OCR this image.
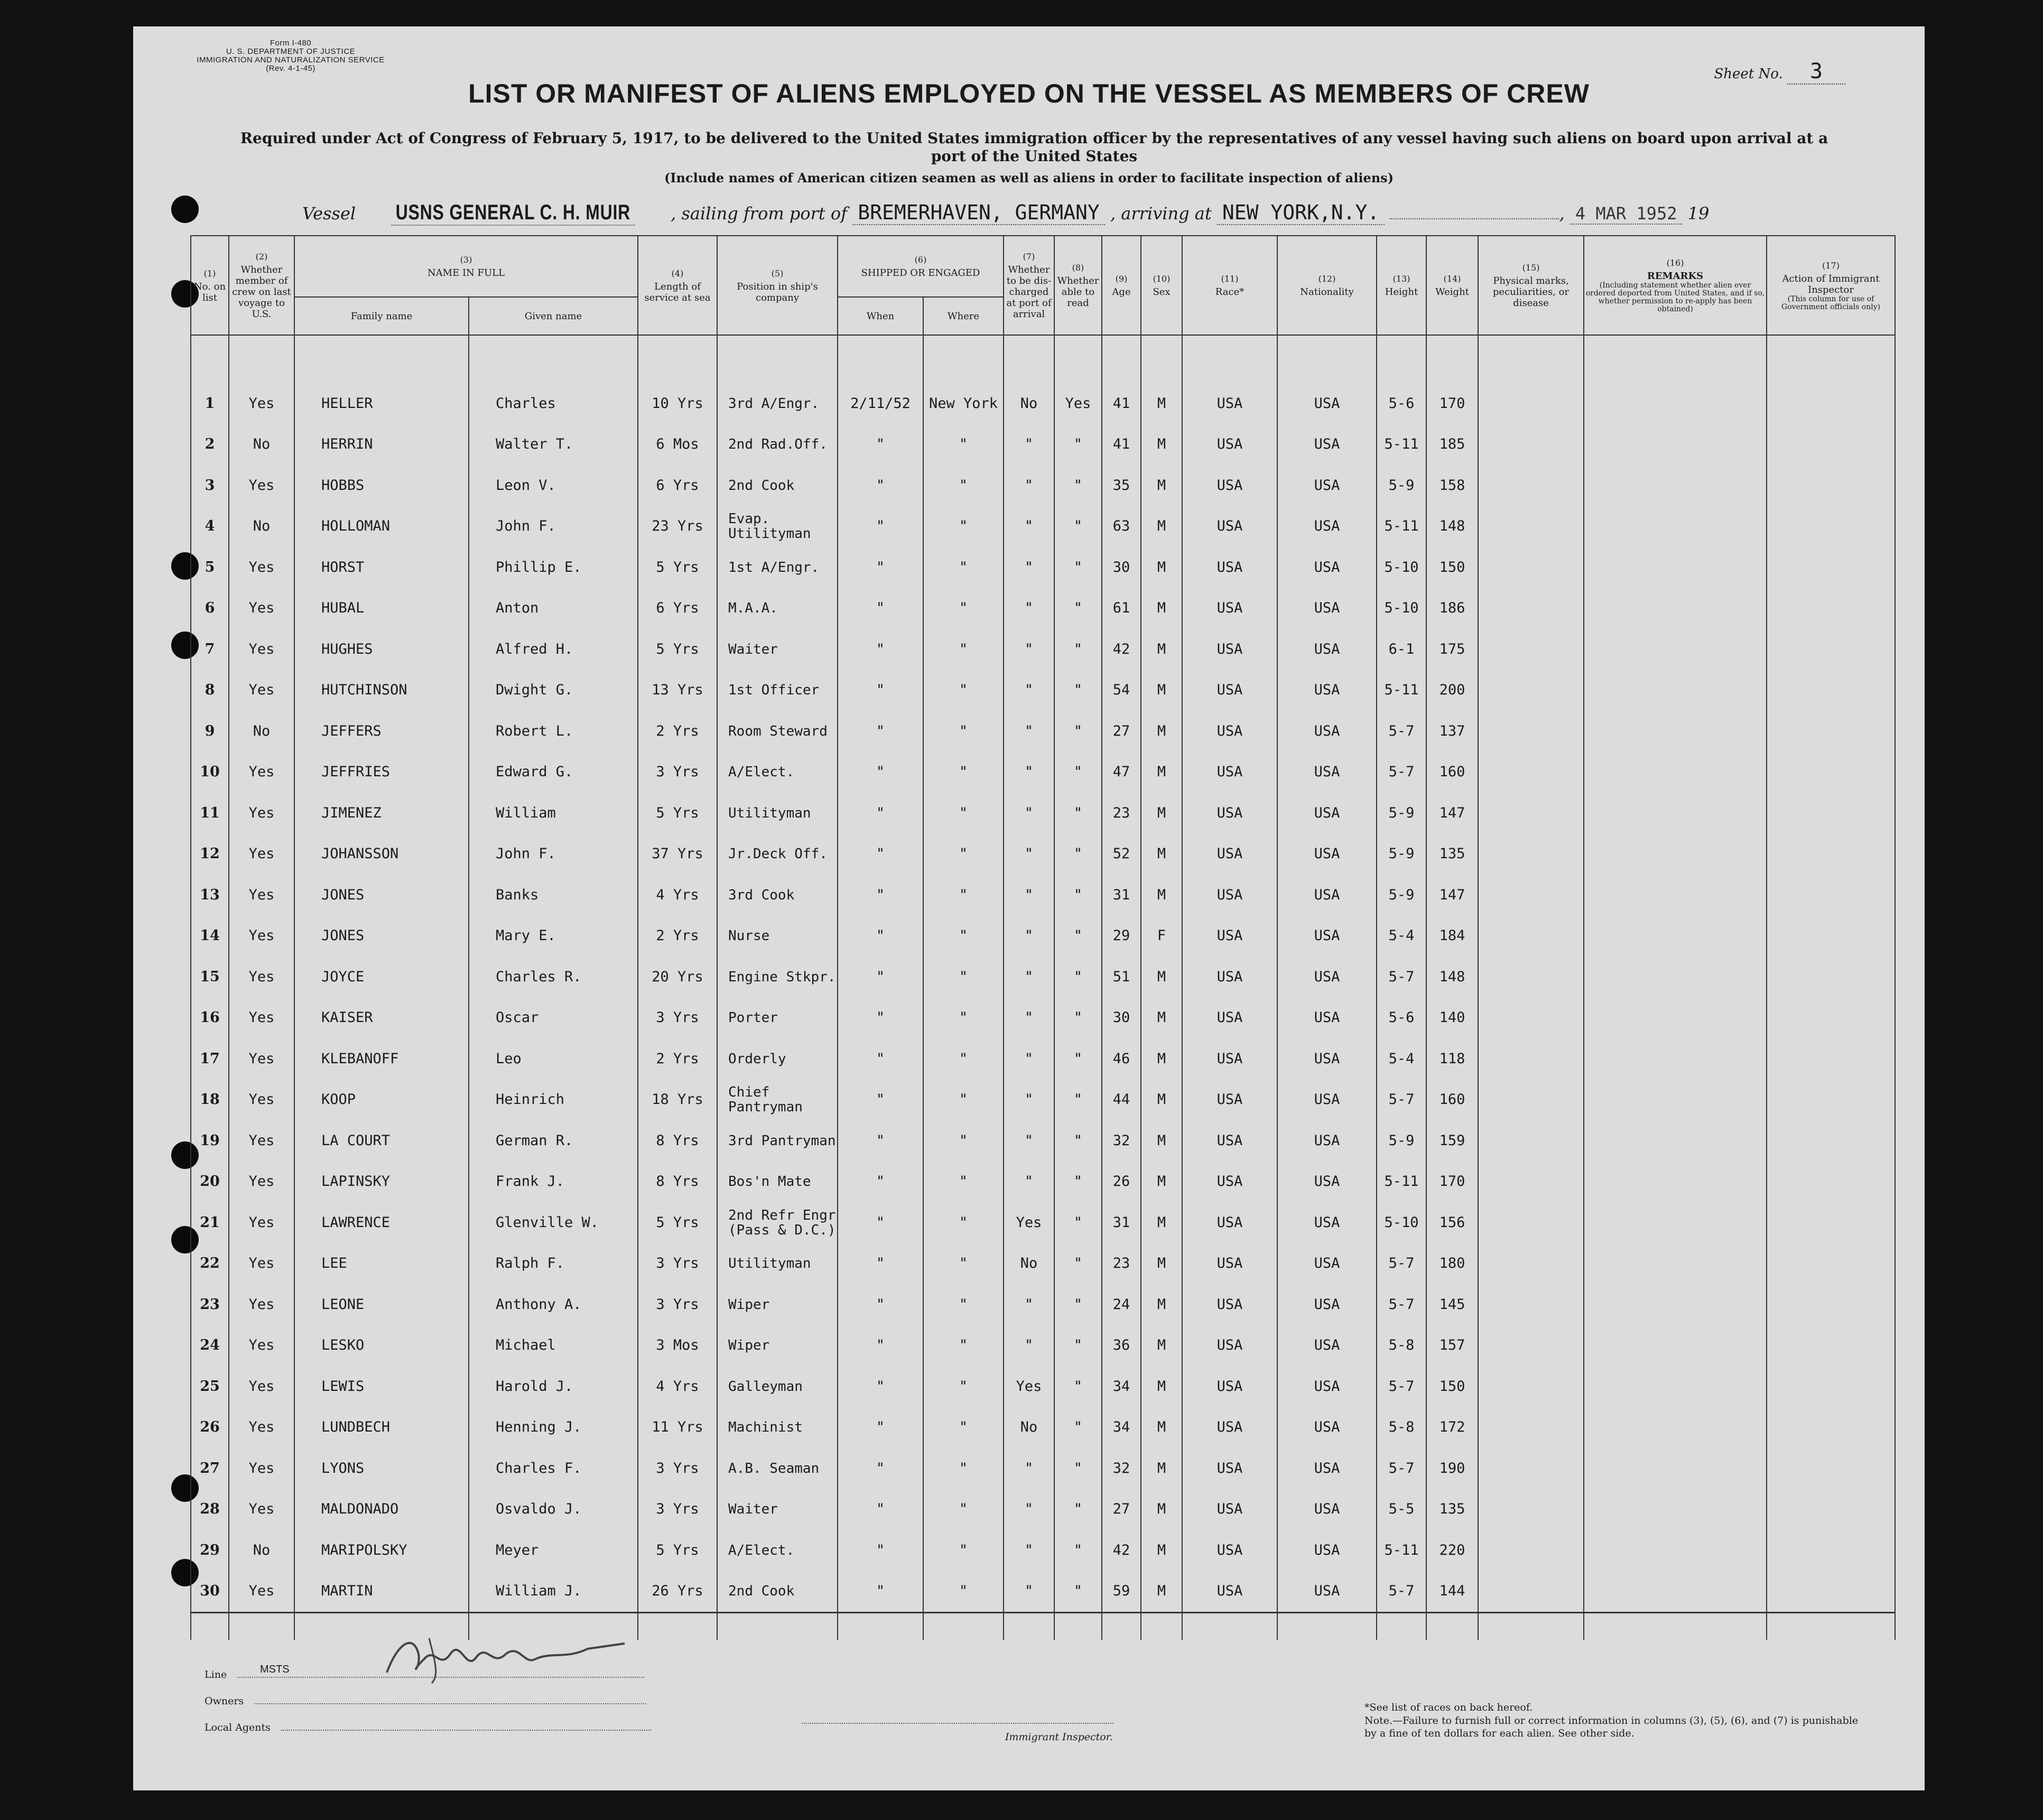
Form I-480
U. S. DEPARTMENT OF JUSTICE
IMMIGRATION AND NATURALIZATION SERVICE
(Rev. 4-1-45)	Sheet No. 3
LIST OR MANIFEST OF ALIENS EMPLOYED ON THE VESSEL AS MEMBERS OF CREW
Required under Act of Congress of February 5, 1917, to be delivered to the United States immigration officer by the representatives of any vessel having such aliens on board upon arrival at a port of the United States
(Include names of American citizen seamen as well as aliens in order to facilitate inspection of aliens)
Vessel USNS GENERAL C. H. MUIR , sailing from port of BREMERHAVEN, GERMANY , arriving at NEW YORK,N.Y.	, 4 MAR 1952 19
(1)
No. on list	(2)
Whether member of crew on last voyage to U.S.	(3)
NAME IN FULL		(4)
Length of service at sea	(5)
Position in ship's company	(6)
SHIPPED OR ENGAGED		(7)
Whether to be dis-charged at port of arrival	(8)
Whether able to read	(9)
Age	(10)
Sex	(11)
Race*	(12)
Nationality	(13)
Height	(14)
Weight	(15)
Physical marks, peculiarities, or disease	(16)
REMARKS

(Including statement whether alien ever ordered deported from United States, and if so, whether permission to re-apply has been obtained)	(17)
Action of Immigrant Inspector

(This column for use of Government officials only)

		Family name	Given name			When	Where											

1	Yes	HELLER	Charles	10 Yrs	3rd A/Engr.	2/11/52	New York	No	Yes	41	M	USA	USA	5-6	170			
2	No	HERRIN	Walter T.	6 Mos	2nd Rad.Off.	"	"	"	"	41	M	USA	USA	5-11	185			
3	Yes	HOBBS	Leon V.	6 Yrs	2nd Cook	"	"	"	"	35	M	USA	USA	5-9	158			
4	No	HOLLOMAN	John F.	23 Yrs	Evap. Utilityman	"	"	"	"	63	M	USA	USA	5-11	148			
5	Yes	HORST	Phillip E.	5 Yrs	1st A/Engr.	"	"	"	"	30	M	USA	USA	5-10	150			
6	Yes	HUBAL	Anton	6 Yrs	M.A.A.	"	"	"	"	61	M	USA	USA	5-10	186			
7	Yes	HUGHES	Alfred H.	5 Yrs	Waiter	"	"	"	"	42	M	USA	USA	6-1	175			
8	Yes	HUTCHINSON	Dwight G.	13 Yrs	1st Officer	"	"	"	"	54	M	USA	USA	5-11	200			
9	No	JEFFERS	Robert L.	2 Yrs	Room Steward	"	"	"	"	27	M	USA	USA	5-7	137			
10	Yes	JEFFRIES	Edward G.	3 Yrs	A/Elect.	"	"	"	"	47	M	USA	USA	5-7	160			
11	Yes	JIMENEZ	William	5 Yrs	Utilityman	"	"	"	"	23	M	USA	USA	5-9	147			
12	Yes	JOHANSSON	John F.	37 Yrs	Jr.Deck Off.	"	"	"	"	52	M	USA	USA	5-9	135			
13	Yes	JONES	Banks	4 Yrs	3rd Cook	"	"	"	"	31	M	USA	USA	5-9	147			
14	Yes	JONES	Mary E.	2 Yrs	Nurse	"	"	"	"	29	F	USA	USA	5-4	184			
15	Yes	JOYCE	Charles R.	20 Yrs	Engine Stkpr.	"	"	"	"	51	M	USA	USA	5-7	148			
16	Yes	KAISER	Oscar	3 Yrs	Porter	"	"	"	"	30	M	USA	USA	5-6	140			
17	Yes	KLEBANOFF	Leo	2 Yrs	Orderly	"	"	"	"	46	M	USA	USA	5-4	118			
18	Yes	KOOP	Heinrich	18 Yrs	Chief Pantryman	"	"	"	"	44	M	USA	USA	5-7	160			
19	Yes	LA COURT	German R.	8 Yrs	3rd Pantryman	"	"	"	"	32	M	USA	USA	5-9	159			
20	Yes	LAPINSKY	Frank J.	8 Yrs	Bos'n Mate	"	"	"	"	26	M	USA	USA	5-11	170			
21	Yes	LAWRENCE	Glenville W.	5 Yrs	2nd Refr Engr (Pass & D.C.)	"	"	Yes	"	31	M	USA	USA	5-10	156			
22	Yes	LEE	Ralph F.	3 Yrs	Utilityman	"	"	No	"	23	M	USA	USA	5-7	180			
23	Yes	LEONE	Anthony A.	3 Yrs	Wiper	"	"	"	"	24	M	USA	USA	5-7	145			
24	Yes	LESKO	Michael	3 Mos	Wiper	"	"	"	"	36	M	USA	USA	5-8	157			
25	Yes	LEWIS	Harold J.	4 Yrs	Galleyman	"	"	Yes	"	34	M	USA	USA	5-7	150			
26	Yes	LUNDBECH	Henning J.	11 Yrs	Machinist	"	"	No	"	34	M	USA	USA	5-8	172			
27	Yes	LYONS	Charles F.	3 Yrs	A.B. Seaman	"	"	"	"	32	M	USA	USA	5-7	190			
28	Yes	MALDONADO	Osvaldo J.	3 Yrs	Waiter	"	"	"	"	27	M	USA	USA	5-5	135			
29	No	MARIPOLSKY	Meyer	5 Yrs	A/Elect.	"	"	"	"	42	M	USA	USA	5-11	220			
30	Yes	MARTIN	William J.	26 Yrs	2nd Cook	"	"	"	"	59	M	USA	USA	5-7	144			

Line	MSTS
Owners
Local Agents
Immigrant Inspector.
*See list of races on back hereof.
Note.—Failure to furnish full or correct information in columns (3), (5), (6), and (7) is punishable by a fine of ten dollars for each alien. See other side.
